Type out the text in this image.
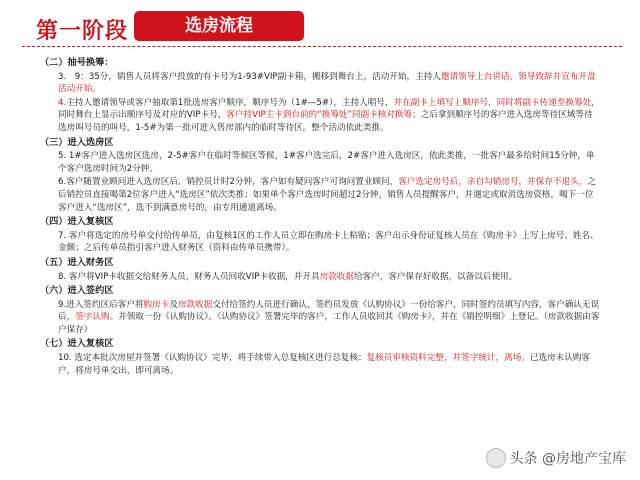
第一阶段	选房流程
（二）抽号换筹：
3.　9：35分，销售人员将客户投放的有卡号为1-93#VIP副卡箱，搬移到舞台上，活动开始，主持人邀请领导上台讲话，领导致辞并宣布开盘活动开始。
4.主持人邀请领导或客户抽取第1批选房客户顺序，顺序号为（1#—5#），主持人唱号，并在副卡上填写上顺序号，同时将副卡传递至换筹处，同时舞台上显示出顺序号及对应的VIP卡号，客户持VIP主卡到台前的“换筹处”同副卡核对换筹；之后拿到顺序号的客户进入选房等待区域等待选房叫号员的叫号，1-5#为第一批可进入售房部内的临时等待区。整个活动依此类推。
（三）进入选房区
5. 1#客户进入选房区选房，2-5#客户在临时等候区等候，1#客户选完后，2#客户进入选房区，依此类推，一批客户最多给时间15分钟，单个客户选房时间为2分钟。
6.客户随置业顾问进入选房区后，销控员计时2分钟，客户如有疑问客户可询问置业顾问，客户选定房号后，亲自勾销房号，并保存不退头，之后销控员直接喝第2位客户进入“选房区”依次类推；如果单个客户选房时间超过2分钟，销售人员提醒客户，并遇定或取消选房资格，喝下一位客户进入“选房区”，选不到满意房号的，由专用通道离场。
（四）进入复核区
7. 客户将选定的房号单交付给传单员，由复核1区的工作人员立即在购房卡上粘贴；客户出示身份证复核人员在《购房卡》上写上房号、姓名、金额；之后传单员指引客户进入财务区（资料由传单员携带）。
（五）进入财务区
8. 客户将VIP卡收据交给财务人员，财务人员回收VIP卡收据，并开具房款收据给客户，客户保存好收据，以备以后使用。
（六）进入签约区
9.进入签约区后客户将购房卡及房款收据交付给签约人员进行确认，签约员发放《认购协议》一份给客户，同时签约员填写内容，客户确认无误后，签字认购。并领取一份《认购协议》。《认购协议》签署完毕的客户，工作人员收回其《购房卡》，并在《销控明细》上登记。（房款收据由客户保存）
（七）进入复核区
10. 选定本批次房屋并签署《认购协议》完毕，将手续带入总复核区进行总复核：复核员审核资料完整，并签字统计，离场。已选房未认购客户，将房号单交出，即可离场。
头条 @房地产宝库
